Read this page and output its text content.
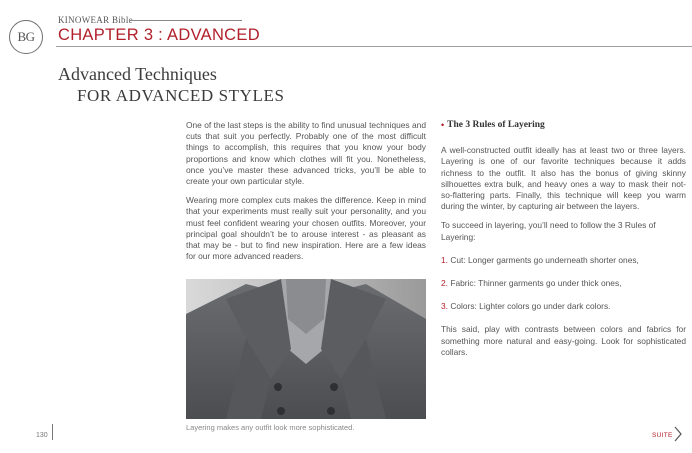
BG
KINOWEAR Bible
CHAPTER 3 : ADVANCED
Advanced Techniques
FOR ADVANCED STYLES

One of the last steps is the ability to find unusual techniques and cuts that suit you perfectly. Probably one of the most difficult things to accomplish, this requires that you know your body proportions and know which clothes will fit you. Nonetheless, once you’ve master these advanced tricks, you’ll be able to create your own particular style.

Wearing more complex cuts makes the difference. Keep in mind that your experiments must really suit your personality, and you must feel confident wearing your chosen outfits. Moreover, your principal goal shouldn’t be to arouse interest - as pleasant as that may be - but to find new inspiration. Here are a few ideas for our more advanced readers.

Layering makes any outfit look more sophisticated.
• The 3 Rules of Layering

A well-constructed outfit ideally has at least two or three layers. Layering is one of our favorite techniques because it adds richness to the outfit. It also has the bonus of giving skinny silhouettes extra bulk, and heavy ones a way to mask their not-so-flattering parts. Finally, this technique will keep you warm during the winter, by capturing air between the layers.

To succeed in layering, you’ll need to follow the 3 Rules of Layering:

1. Cut: Longer garments go underneath shorter ones,
2. Fabric: Thinner garments go under thick ones,
3. Colors: Lighter colors go under dark colors.

This said, play with contrasts between colors and fabrics for something more natural and easy-going. Look for sophisticated collars.

130	SUITE
